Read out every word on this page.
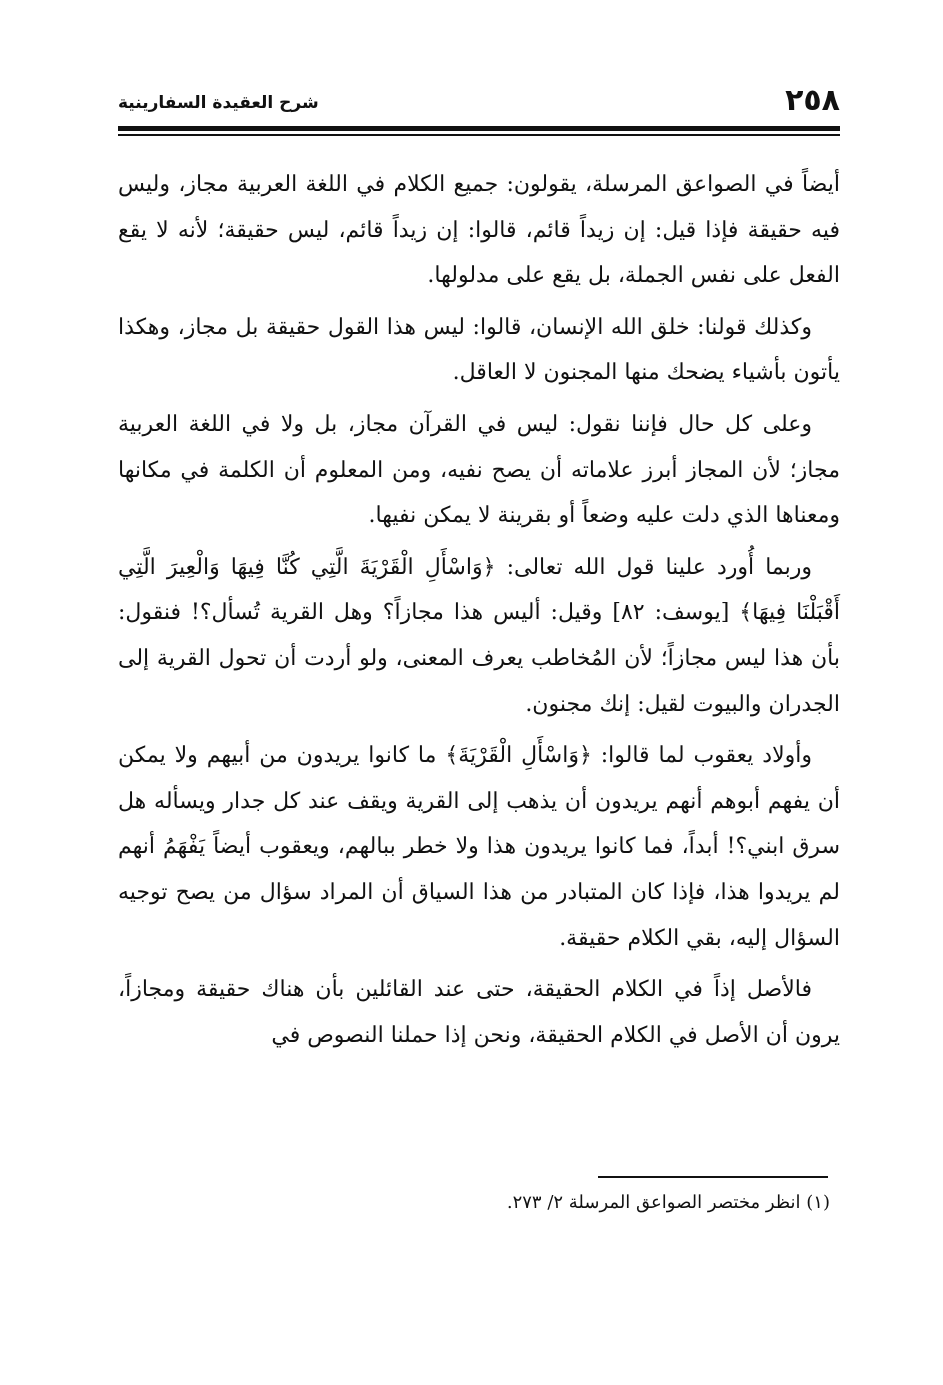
٢٥٨
شرح العقيدة السفارينية

أيضاً في الصواعق المرسلة، يقولون: جميع الكلام في اللغة العربية مجاز، وليس فيه حقيقة فإذا قيل: إن زيداً قائم، قالوا: إن زيداً قائم، ليس حقيقة؛ لأنه لا يقع الفعل على نفس الجملة، بل يقع على مدلولها.

وكذلك قولنا: خلق الله الإنسان، قالوا: ليس هذا القول حقيقة بل مجاز، وهكذا يأتون بأشياء يضحك منها المجنون لا العاقل.

وعلى كل حال فإننا نقول: ليس في القرآن مجاز، بل ولا في اللغة العربية مجاز؛ لأن المجاز أبرز علاماته أن يصح نفيه، ومن المعلوم أن الكلمة في مكانها ومعناها الذي دلت عليه وضعاً أو بقرينة لا يمكن نفيها.

وربما أُورد علينا قول الله تعالى: ﴿وَاسْأَلِ الْقَرْيَةَ الَّتِي كُنَّا فِيهَا وَالْعِيرَ الَّتِي أَقْبَلْنَا فِيهَا﴾ [يوسف: ٨٢] وقيل: أليس هذا مجازاً؟ وهل القرية تُسأل؟! فنقول: بأن هذا ليس مجازاً؛ لأن المُخاطب يعرف المعنى، ولو أردت أن تحول القرية إلى الجدران والبيوت لقيل: إنك مجنون.

وأولاد يعقوب لما قالوا: ﴿وَاسْأَلِ الْقَرْيَةَ﴾ ما كانوا يريدون من أبيهم ولا يمكن أن يفهم أبوهم أنهم يريدون أن يذهب إلى القرية ويقف عند كل جدار ويسأله هل سرق ابني؟! أبداً، فما كانوا يريدون هذا ولا خطر ببالهم، ويعقوب أيضاً يَفْهَمُ أنهم لم يريدوا هذا، فإذا كان المتبادر من هذا السياق أن المراد سؤال من يصح توجيه السؤال إليه، بقي الكلام حقيقة.

فالأصل إذاً في الكلام الحقيقة، حتى عند القائلين بأن هناك حقيقة ومجازاً، يرون أن الأصل في الكلام الحقيقة، ونحن إذا حملنا النصوص في

(١) انظر مختصر الصواعق المرسلة ٢/ ٢٧٣.
